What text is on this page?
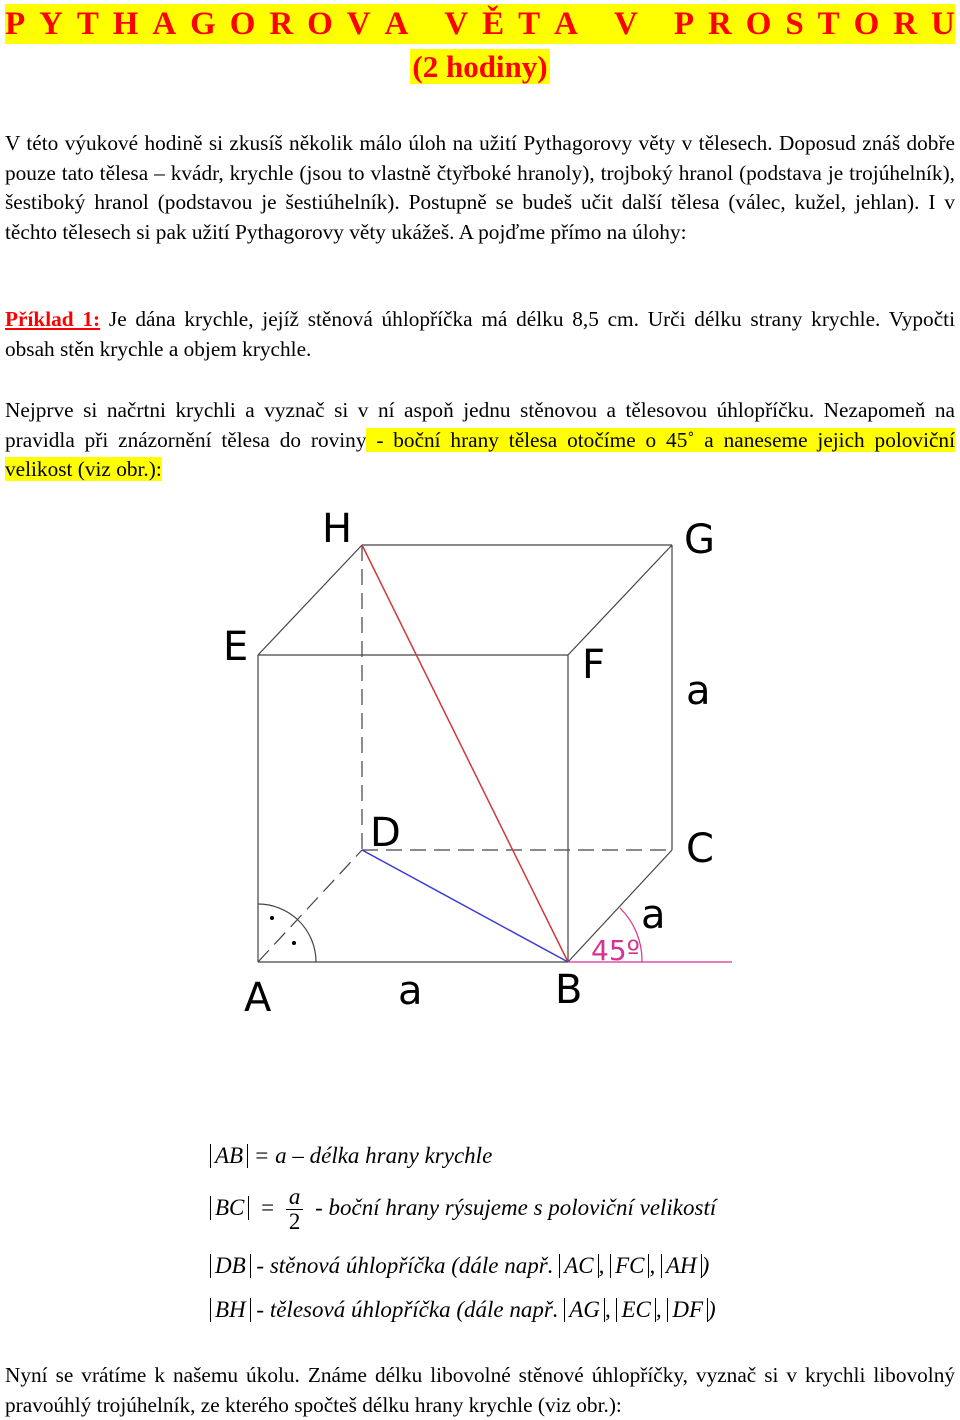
P Y T H A G O R O V A
V Ě T A
V
P R O S T O R U
(2 hodiny)

V této výukové hodině si zkusíš několik málo úloh na užití Pythagorovy věty v tělesech. Doposud znáš dobře pouze tato tělesa – kvádr, krychle (jsou to vlastně čtyřboké hranoly), trojboký hranol (podstava je trojúhelník), šestiboký hranol (podstavou je šestiúhelník). Postupně se budeš učit další tělesa (válec, kužel, jehlan). I v těchto tělesech si pak užití Pythagorovy věty ukážeš. A pojďme přímo na úlohy:

Příklad 1: Je dána krychle, jejíž stěnová úhlopříčka má délku 8,5 cm. Urči délku strany krychle. Vypočti obsah stěn krychle a objem krychle.

Nejprve si načrtni krychli a vyznač si v ní aspoň jednu stěnovou a tělesovou úhlopříčku. Nezapomeň na pravidla při znázornění tělesa do roviny - boční hrany tělesa otočíme o 45˚ a naneseme jejich poloviční velikost (viz obr.):

45º
H	G
E	F
D	C
A	B
a
a
a
AB = a – délka hrany krychle
BC = $\frac{a}{2}$ - boční hrany rýsujeme s poloviční velikostí
DB - stěnová úhlopříčka (dále např. AC , FC , AH )
BH - tělesová úhlopříčka (dále např. AG , EC , DF )

Nyní se vrátíme k našemu úkolu. Známe délku libovolné stěnové úhlopříčky, vyznač si v krychli libovolný pravoúhlý trojúhelník, ze kterého spočteš délku hrany krychle (viz obr.):
